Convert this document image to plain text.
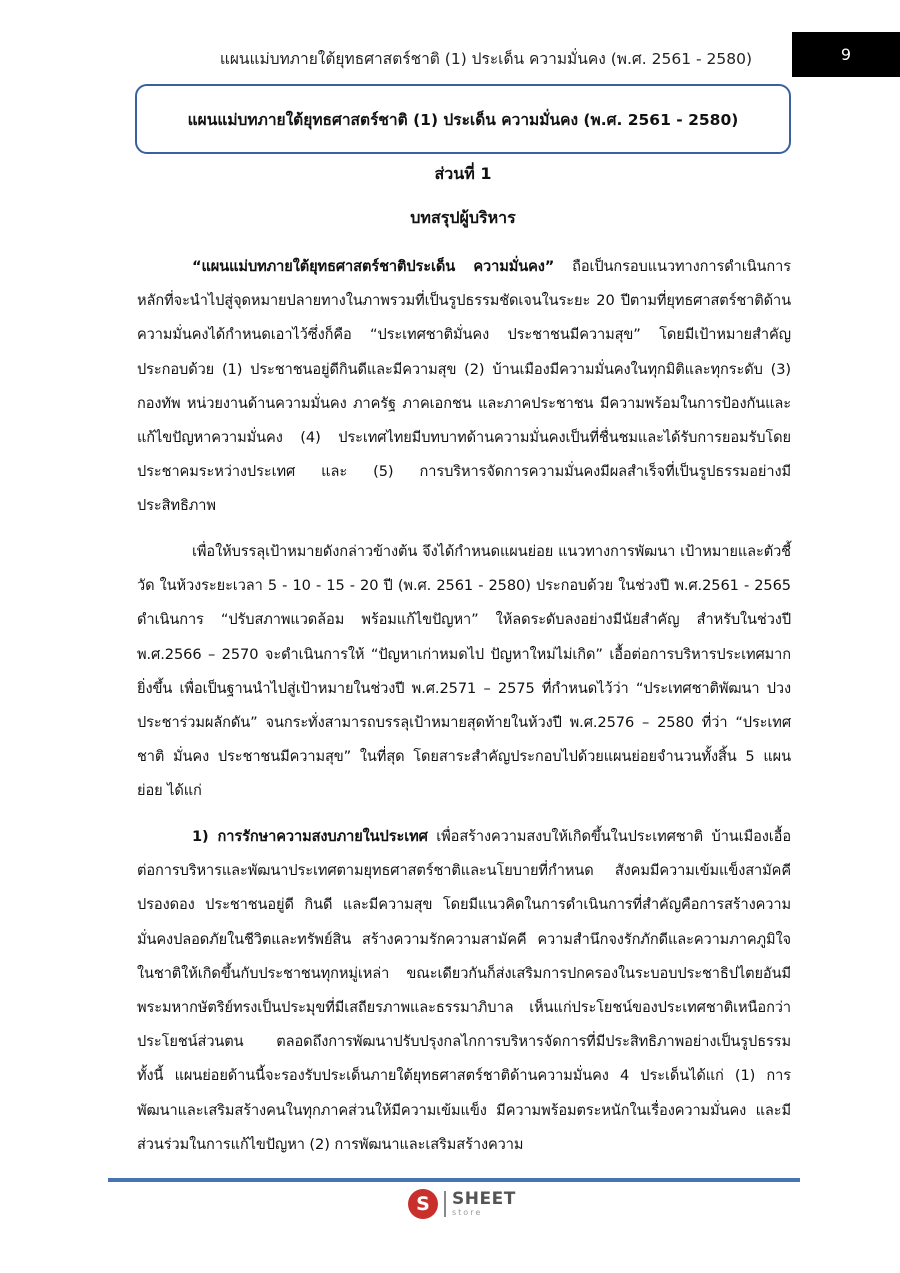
แผนแม่บทภายใต้ยุทธศาสตร์ชาติ (1) ประเด็น ความมั่นคง (พ.ศ. 2561 - 2580)	9
แผนแม่บทภายใต้ยุทธศาสตร์ชาติ (1) ประเด็น ความมั่นคง (พ.ศ. 2561 - 2580)
ส่วนที่ 1
บทสรุปผู้บริหาร

“แผนแม่บทภายใต้ยุทธศาสตร์ชาติประเด็น ความมั่นคง” ถือเป็นกรอบแนวทางการดำเนินการหลักที่จะนำไปสู่จุดหมายปลายทางในภาพรวมที่เป็นรูปธรรมชัดเจนในระยะ 20 ปีตามที่ยุทธศาสตร์ชาติด้านความมั่นคงได้กำหนดเอาไว้ซึ่งก็คือ “ประเทศชาติมั่นคง ประชาชนมีความสุข” โดยมีเป้าหมายสำคัญประกอบด้วย (1) ประชาชนอยู่ดีกินดีและมีความสุข (2) บ้านเมืองมีความมั่นคงในทุกมิติและทุกระดับ (3) กองทัพ หน่วยงานด้านความมั่นคง ภาครัฐ ภาคเอกชน และภาคประชาชน มีความพร้อมในการป้องกันและแก้ไขปัญหาความมั่นคง (4) ประเทศไทยมีบทบาทด้านความมั่นคงเป็นที่ชื่นชมและได้รับการยอมรับโดยประชาคมระหว่างประเทศ และ (5) การบริหารจัดการความมั่นคงมีผลสำเร็จที่เป็นรูปธรรมอย่างมีประสิทธิภาพ

เพื่อให้บรรลุเป้าหมายดังกล่าวข้างต้น จึงได้กำหนดแผนย่อย แนวทางการพัฒนา เป้าหมายและตัวชี้วัด ในห้วงระยะเวลา 5 - 10 - 15 - 20 ปี (พ.ศ. 2561 - 2580) ประกอบด้วย ในช่วงปี พ.ศ.2561 - 2565 ดำเนินการ “ปรับสภาพแวดล้อม พร้อมแก้ไขปัญหา” ให้ลดระดับลงอย่างมีนัยสำคัญ สำหรับในช่วงปี พ.ศ.2566 – 2570 จะดำเนินการให้ “ปัญหาเก่าหมดไป ปัญหาใหม่ไม่เกิด” เอื้อต่อการบริหารประเทศมากยิ่งขึ้น เพื่อเป็นฐานนำไปสู่เป้าหมายในช่วงปี พ.ศ.2571 – 2575 ที่กำหนดไว้ว่า “ประเทศชาติพัฒนา ปวงประชาร่วมผลักดัน” จนกระทั่งสามารถบรรลุเป้าหมายสุดท้ายในห้วงปี พ.ศ.2576 – 2580 ที่ว่า “ประเทศชาติ มั่นคง ประชาชนมีความสุข” ในที่สุด โดยสาระสำคัญประกอบไปด้วยแผนย่อยจำนวนทั้งสิ้น 5 แผนย่อย ได้แก่

1) การรักษาความสงบภายในประเทศ เพื่อสร้างความสงบให้เกิดขึ้นในประเทศชาติ บ้านเมืองเอื้อต่อการบริหารและพัฒนาประเทศตามยุทธศาสตร์ชาติและนโยบายที่กำหนด สังคมมีความเข้มแข็งสามัคคีปรองดอง ประชาชนอยู่ดี กินดี และมีความสุข โดยมีแนวคิดในการดำเนินการที่สำคัญคือการสร้างความมั่นคงปลอดภัยในชีวิตและทรัพย์สิน สร้างความรักความสามัคคี ความสำนึกจงรักภักดีและความภาคภูมิใจในชาติให้เกิดขึ้นกับประชาชนทุกหมู่เหล่า ขณะเดียวกันก็ส่งเสริมการปกครองในระบอบประชาธิปไตยอันมีพระมหากษัตริย์ทรงเป็นประมุขที่มีเสถียรภาพและธรรมาภิบาล เห็นแก่ประโยชน์ของประเทศชาติเหนือกว่าประโยชน์ส่วนตน ตลอดถึงการพัฒนาปรับปรุงกลไกการบริหารจัดการที่มีประสิทธิภาพอย่างเป็นรูปธรรม ทั้งนี้ แผนย่อยด้านนี้จะรองรับประเด็นภายใต้ยุทธศาสตร์ชาติด้านความมั่นคง 4 ประเด็นได้แก่ (1) การพัฒนาและเสริมสร้างคนในทุกภาคส่วนให้มีความเข้มแข็ง มีความพร้อมตระหนักในเรื่องความมั่นคง และมีส่วนร่วมในการแก้ไขปัญหา (2) การพัฒนาและเสริมสร้างความ

S	SHEET
store
